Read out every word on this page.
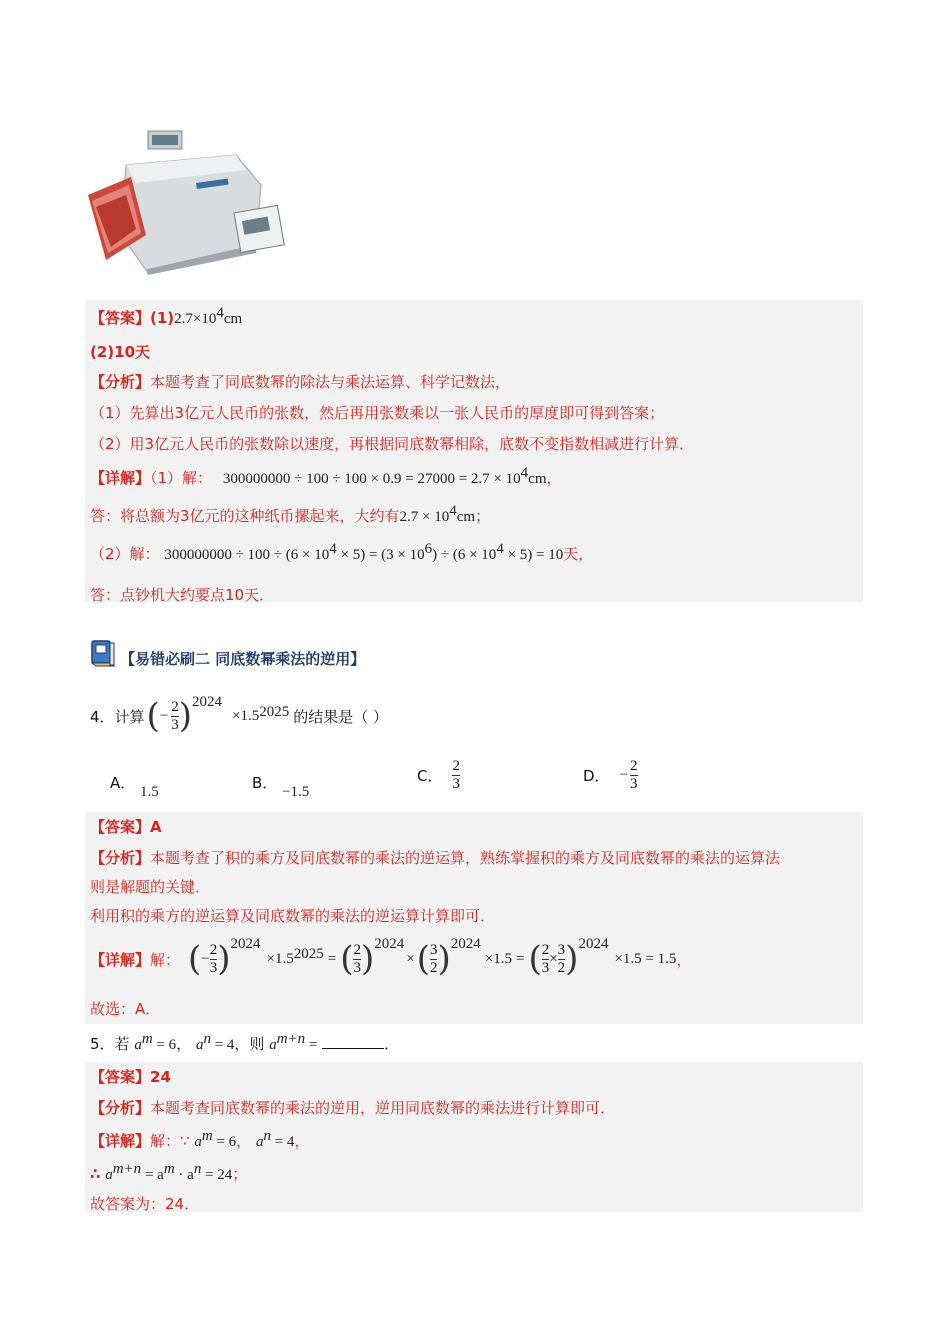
【答案】$(1)2.7\times 10^4cm$
(2)10天
【分析】本题考查了同底数幂的除法与乘法运算、科学记数法，
（1）先算出3亿元人民币的张数，然后再用张数乘以一张人民币的厚度即可得到答案；
（2）用3亿元人民币的张数除以速度，再根据同底数幂相除，底数不变指数相减进行计算．
【详解】（1）解： $300000000 \div 100 \div 100 \times 0.9 = 27000 = 2.7 \times 10^4cm$，
答：将总额为3亿元的这种纸币摞起来，大约有$2.7 \times 10^4cm$；
（2）解： $300000000 \div 100 \div (6 \times 10^4 \times 5) = (3 \times 10^6) \div (6 \times 10^4 \times 5) = 10$天，
答：点钞机大约要点10天．
【易错必刷二 同底数幂乘法的逆用】
4．计算 ( − $\frac{2}{3}$ ) 2024
×1.5 2025 的结果是（ ）
A． 1.5	B． −1.5
C． $\frac{2}{3}$	D． − $\frac{2}{3}$
【答案】A
【分析】本题考查了积的乘方及同底数幂的乘法的逆运算，熟练掌握积的乘方及同底数幂的乘法的运算法
则是解题的关键．
利用积的乘方的逆运算及同底数幂的乘法的逆运算计算即可．
【详解】 解： ( − $\frac{2}{3}$ ) 2024
×1.5 2025 = ( $\frac{2}{3}$ ) 2024
× ( $\frac{3}{2}$ ) 2024
×1.5 = ( $\frac{2}{3} \times \frac{3}{2}$ ) 2024
×1.5 = 1.5 ，
故选：A．
5．若 $a^m = 6$， $a^n = 4$，则 $a^{m+n}$ =	．
【答案】24
【分析】本题考查同底数幂的乘法的逆用，逆用同底数幂的乘法进行计算即可．
【详解】解：∵ $a^m = 6$， $a^n = 4$，
∴ $a^{m+n} = a^m \cdot a^n = 24$；
故答案为：24．
